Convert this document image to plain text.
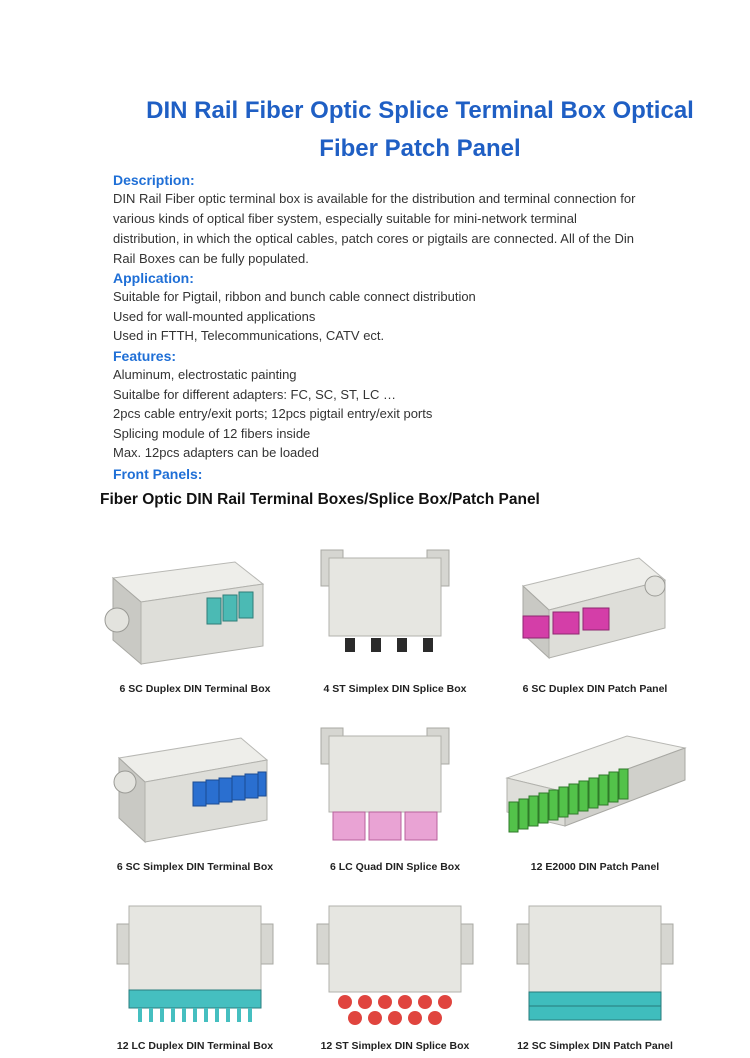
DIN Rail Fiber Optic Splice Terminal Box Optical
Fiber Patch Panel
Description:

DIN Rail Fiber optic terminal box is available for the distribution and terminal connection for
various kinds of optical fiber system, especially suitable for mini-network terminal
distribution, in which the optical cables, patch cores or pigtails are connected. All of the Din
Rail Boxes can be fully populated.

Application:
Suitable for Pigtail, ribbon and bunch cable connect distribution
Used for wall-mounted applications
Used in FTTH, Telecommunications, CATV ect.
Features:
Aluminum, electrostatic painting
Suitalbe for different adapters: FC, SC, ST, LC …
2pcs cable entry/exit ports; 12pcs pigtail entry/exit ports
Splicing module of 12 fibers inside
Max. 12pcs adapters can be loaded
Front Panels:
Fiber Optic DIN Rail Terminal Boxes/Splice Box/Patch Panel
6 SC Duplex DIN Terminal Box	4 ST Simplex DIN Splice Box	6 SC Duplex DIN Patch Panel
6 SC Simplex DIN Terminal Box	6 LC Quad DIN Splice Box	12 E2000 DIN Patch Panel
12 LC Duplex DIN Terminal Box	12 ST Simplex DIN Splice Box	12 SC Simplex DIN Patch Panel
